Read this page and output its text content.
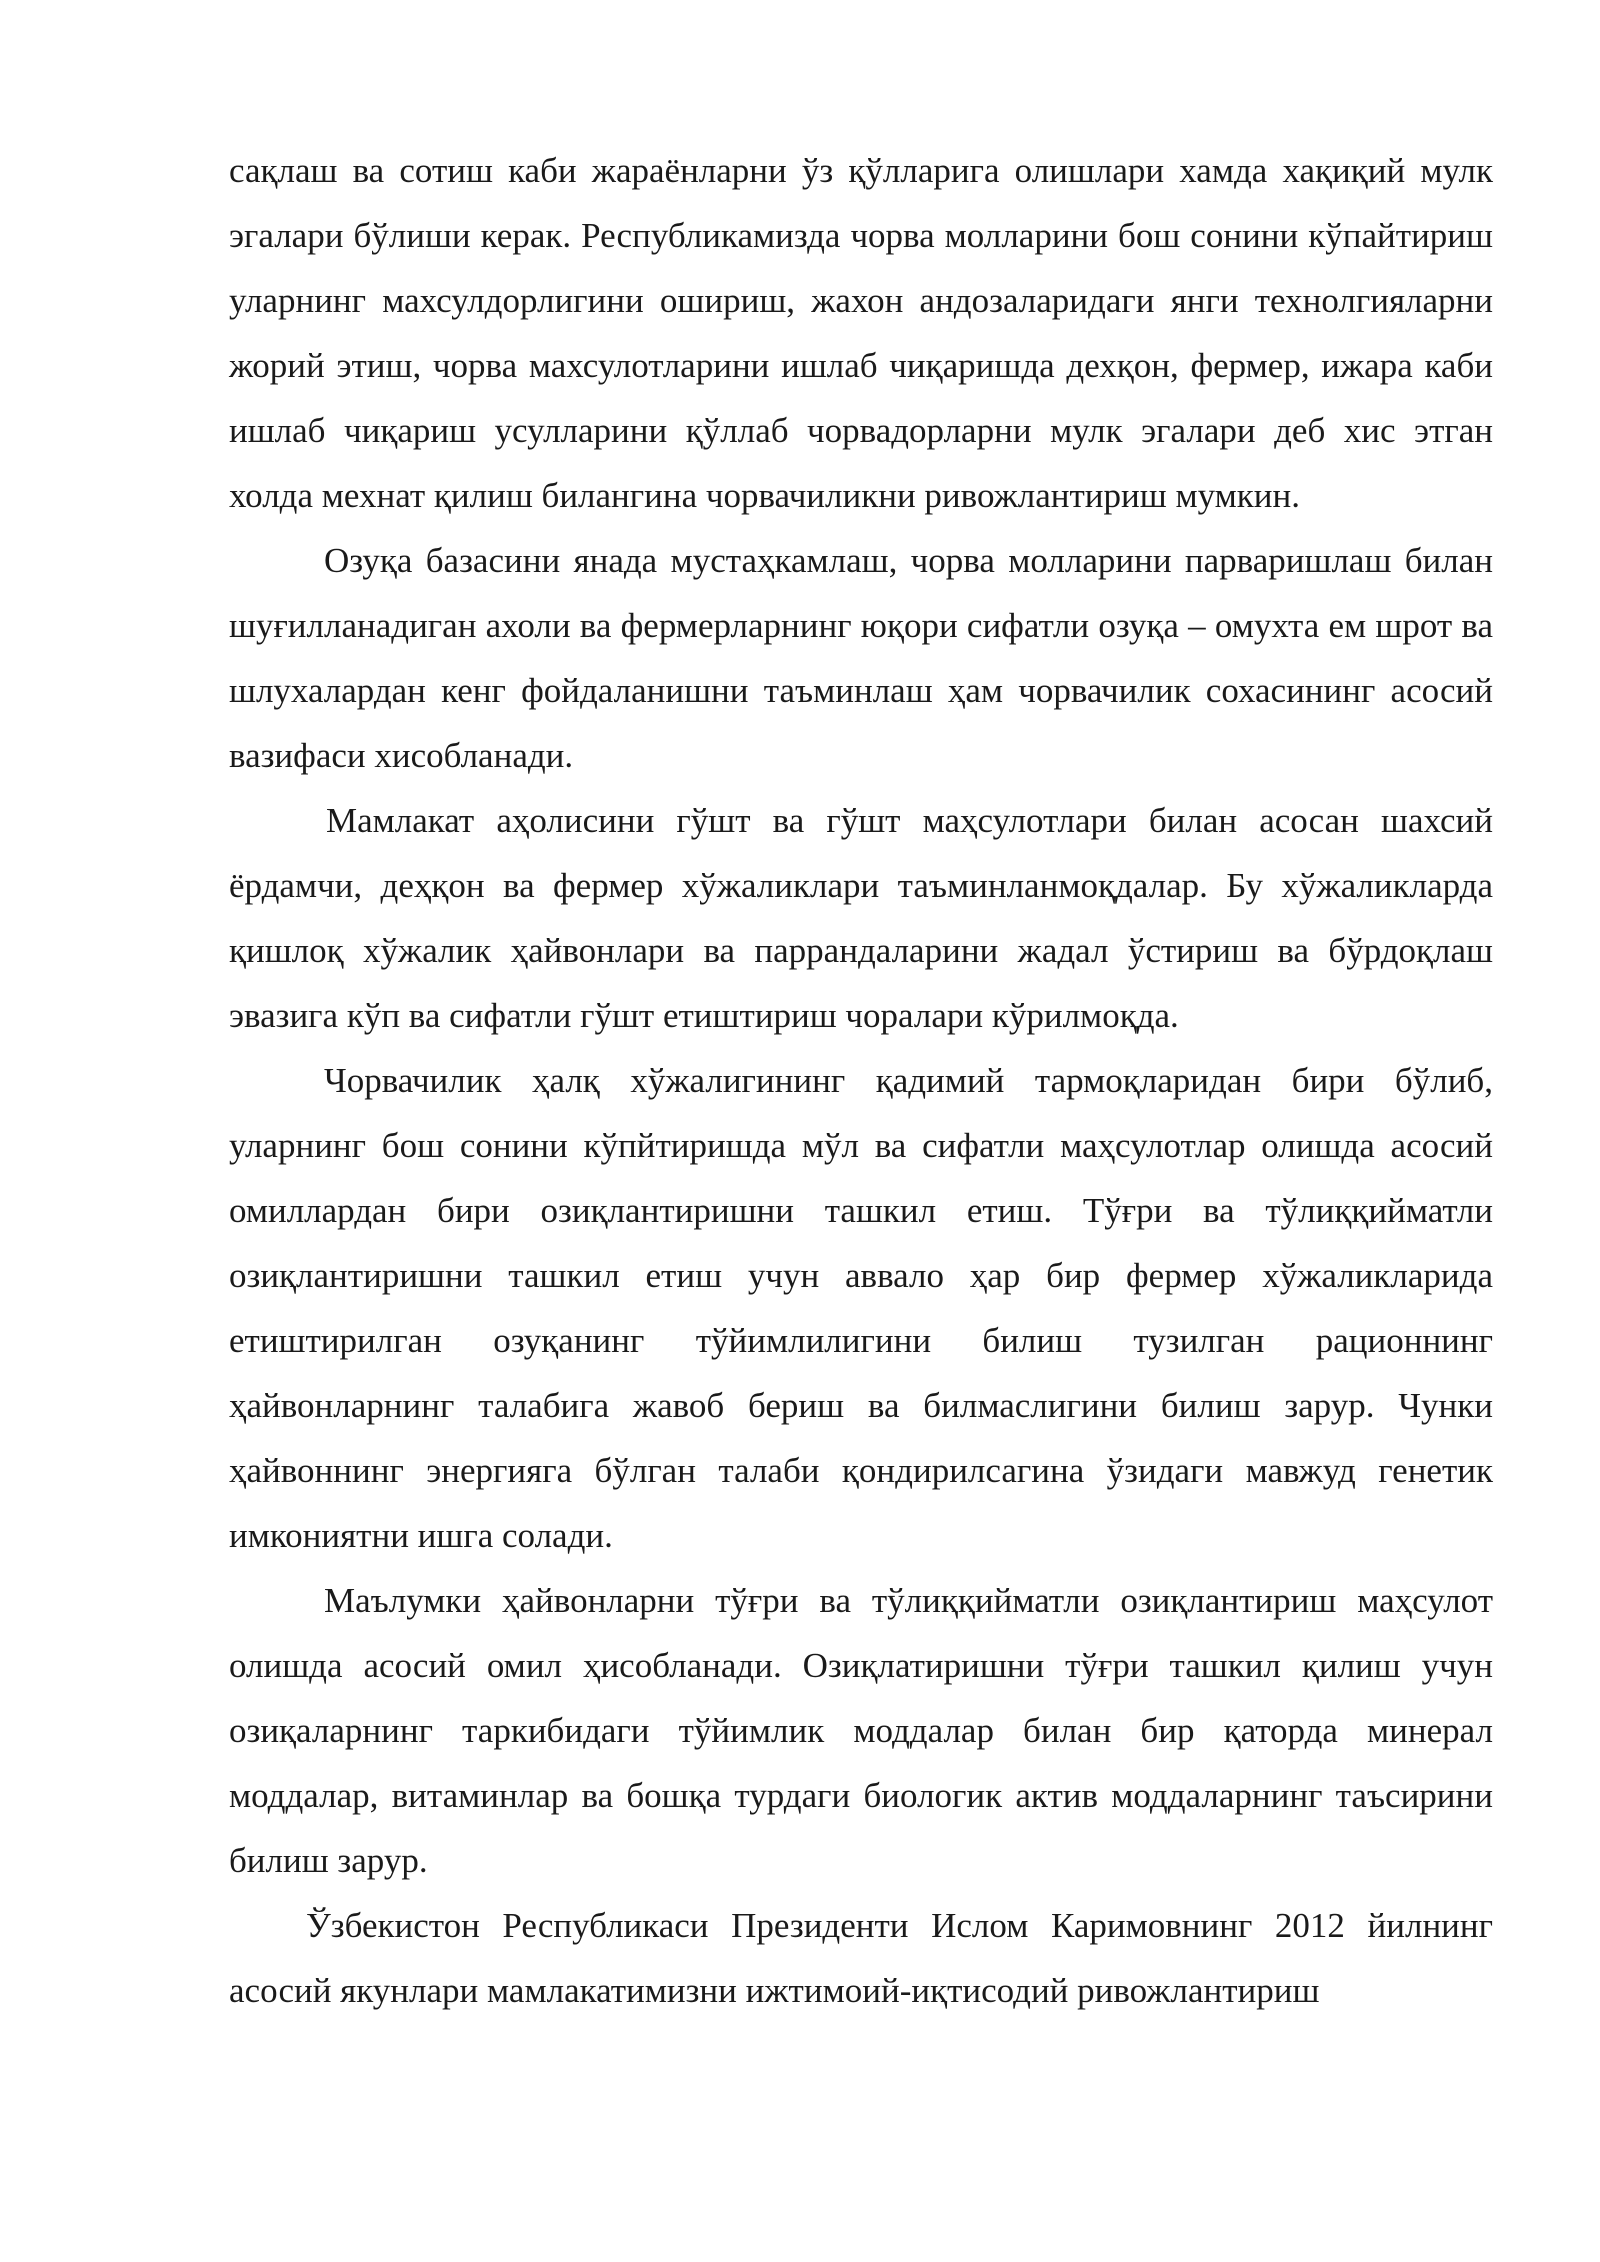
сақлаш ва сотиш каби жараёнларни ўз қўлларига олишлари хамда хақиқий мулк эгалари бўлиши керак. Республикамизда чорва молларини бош сонини кўпайтириш уларнинг махсулдорлигини ошириш, жахон андозаларидаги янги технолгияларни жорий этиш, чорва махсулотларини ишлаб чиқаришда дехқон, фермер, ижара каби ишлаб чиқариш усулларини қўллаб чорвадорларни мулк эгалари деб хис этган холда мехнат қилиш билангина чорвачиликни ривожлантириш мумкин.

Озуқа базасини янада мустаҳкамлаш, чорва молларини парваришлаш билан шуғилланадиган ахоли ва фермерларнинг юқори сифатли озуқа – омухта ем шрот ва шлухалардан кенг фойдаланишни таъминлаш ҳам чорвачилик сохасининг асосий вазифаси хисобланади.

Мамлакат аҳолисини гўшт ва гўшт маҳсулотлари билан асосан шахсий ёрдамчи, деҳқон ва фермер хўжаликлари таъминланмоқдалар. Бу хўжаликларда қишлоқ хўжалик ҳайвонлари ва паррандаларини жадал ўстириш ва бўрдоқлаш эвазига кўп ва сифатли гўшт етиштириш чоралари кўрилмоқда.

Чорвачилик ҳалқ хўжалигининг қадимий тармоқларидан бири бўлиб, уларнинг бош сонини кўпйтиришда мўл ва сифатли маҳсулотлар олишда асосий омиллардан бири озиқлантиришни ташкил етиш. Тўғри ва тўлиққийматли озиқлантиришни ташкил етиш учун аввало ҳар бир фермер хўжаликларида етиштирилган озуқанинг тўйимлилигини билиш тузилган рационнинг ҳайвонларнинг талабига жавоб бериш ва билмаслигини билиш зарур. Чунки ҳайвоннинг энергияга бўлган талаби қондирилсагина ўзидаги мавжуд генетик имкониятни ишга солади.

Маълумки ҳайвонларни тўғри ва тўлиққийматли озиқлантириш маҳсулот олишда асосий омил ҳисобланади. Озиқлатиришни тўғри ташкил қилиш учун озиқаларнинг таркибидаги тўйимлик моддалар билан бир қаторда минерал моддалар, витаминлар ва бошқа турдаги биологик актив моддаларнинг таъсирини билиш зарур.

Ўзбекистон Республикаси Президенти Ислом Каримовнинг 2012 йилнинг асосий якунлари мамлакатимизни ижтимоий-иқтисодий ривожлантириш
